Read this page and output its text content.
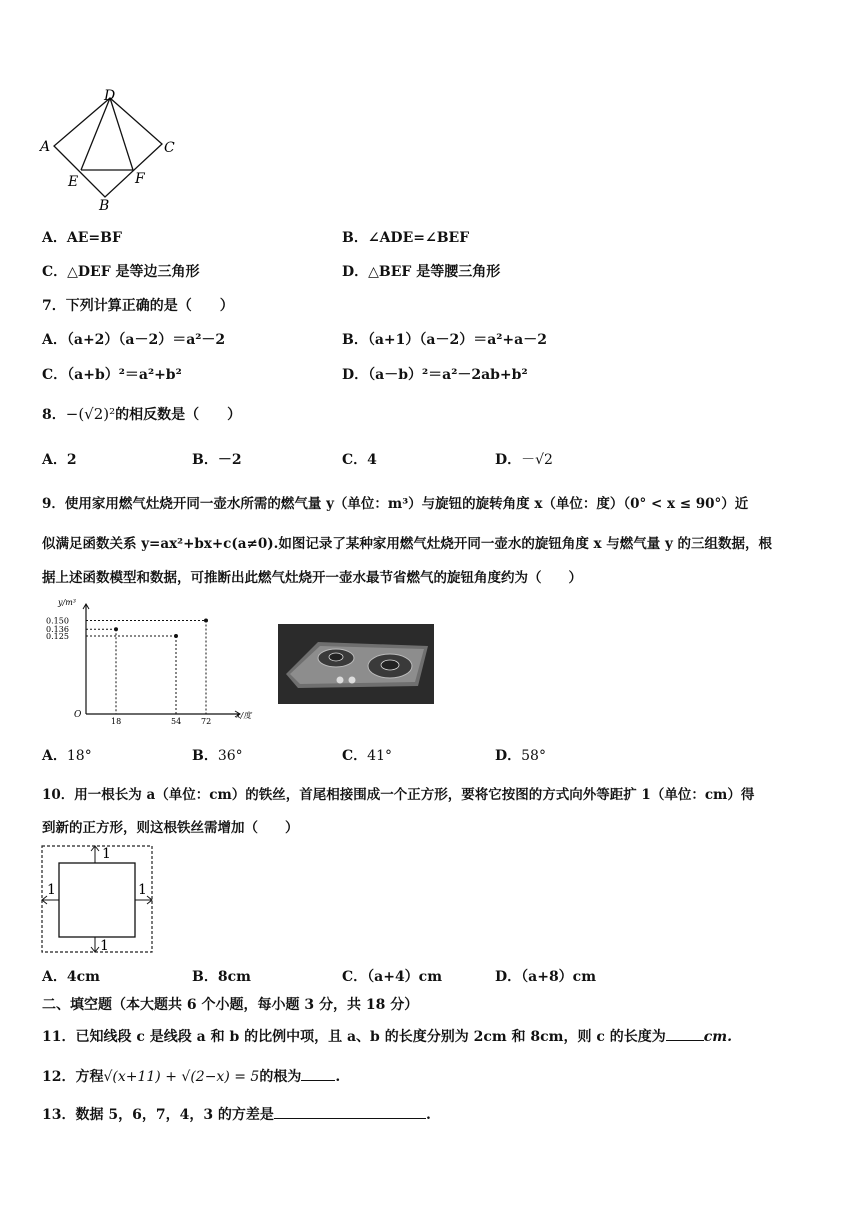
D
A	C
E	F
B
A．AE=BF	B．∠ADE=∠BEF
C．△DEF 是等边三角形	D．△BEF 是等腰三角形
7．下列计算正确的是（　　）
A．（a+2）（a－2）＝a²－2	B．（a+1）（a－2）＝a²+a－2
C．（a+b）²＝a²+b²	D．（a－b）²＝a²－2ab+b²
8．−(√2)²的相反数是（　　）
A．2	B．－2	C．4	D．－√2
9．使用家用燃气灶烧开同一壶水所需的燃气量 y（单位：m³）与旋钮的旋转角度 x（单位：度）（0° < x ≤ 90°）近
似满足函数关系 y=ax²+bx+c(a≠0).如图记录了某种家用燃气灶烧开同一壶水的旋钮角度 x 与燃气量 y 的三组数据，根
据上述函数模型和数据，可推断出此燃气灶烧开一壶水最节省燃气的旋钮角度约为（　　）
y/m³
x/度
O
18	54 72
0.150
0.136
0.125
A．18°	B．36°	C．41°	D．58°
10．用一根长为 a（单位：cm）的铁丝，首尾相接围成一个正方形，要将它按图的方式向外等距扩 1（单位：cm）得
到新的正方形，则这根铁丝需增加（　　）
1
1	1
1
A．4cm	B．8cm	C．（a+4）cm	D．（a+8）cm
二、填空题（本大题共 6 个小题，每小题 3 分，共 18 分）
11．已知线段 c 是线段 a 和 b 的比例中项，且 a、b 的长度分别为 2cm 和 8cm，则 c 的长度为	cm.
12．方程√(x+11) + √(2−x) = 5的根为 .
13．数据 5，6，7，4，3 的方差是	.
